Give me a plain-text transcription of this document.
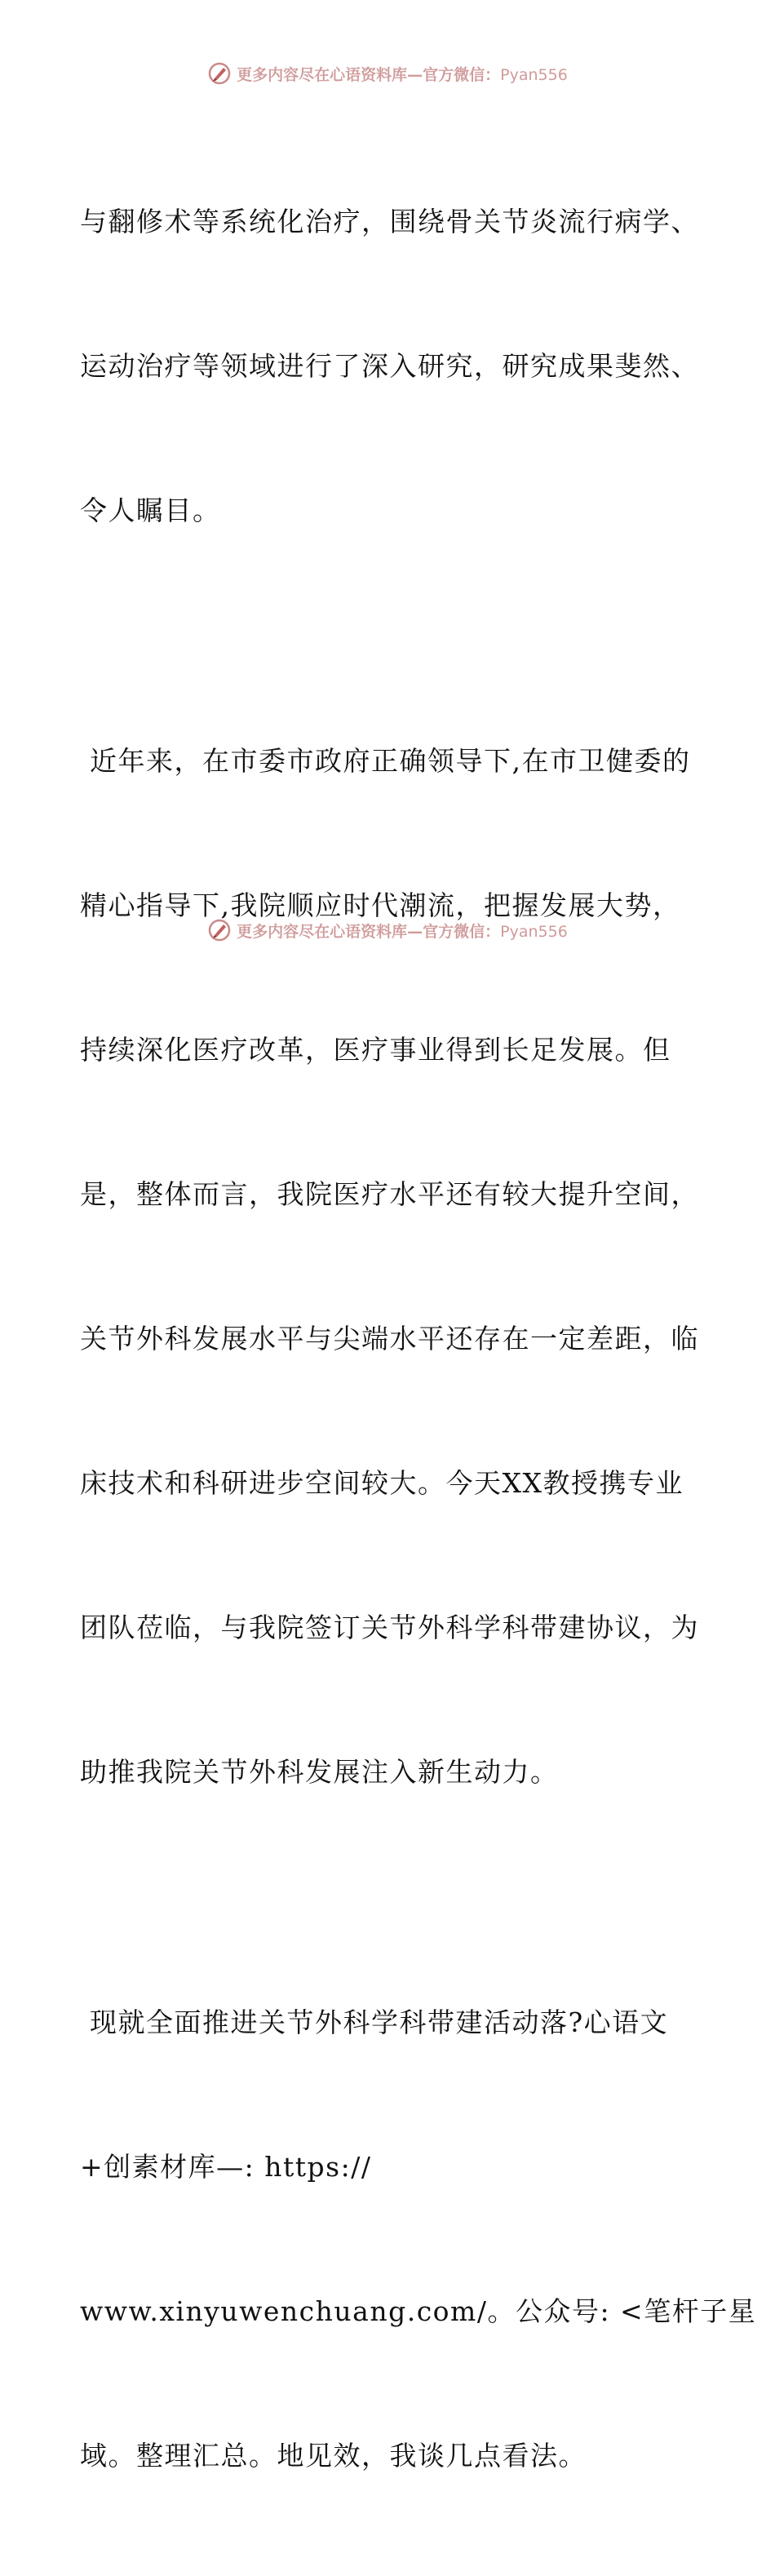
更多内容尽在心语资料库—官方微信：Pyan556

与翻修术等系统化治疗，围绕骨关节炎流行病学、

运动治疗等领域进行了深入研究，研究成果斐然、

令人瞩目。

近年来，在市委市政府正确领导下,在市卫健委的

精心指导下,我院顺应时代潮流，把握发展大势，

持续深化医疗改革，医疗事业得到长足发展。但

是，整体而言，我院医疗水平还有较大提升空间，

关节外科发展水平与尖端水平还存在一定差距，临

床技术和科研进步空间较大。今天XX教授携专业

团队莅临，与我院签订关节外科学科带建协议，为

助推我院关节外科发展注入新生动力。

现就全面推进关节外科学科带建活动落?心语文

+创素材库—: https://

www.xinyuwenchuang.com/。公众号: <笔杆子星

域。整理汇总。地见效，我谈几点看法。

更多内容尽在心语资料库—官方微信：Pyan556
